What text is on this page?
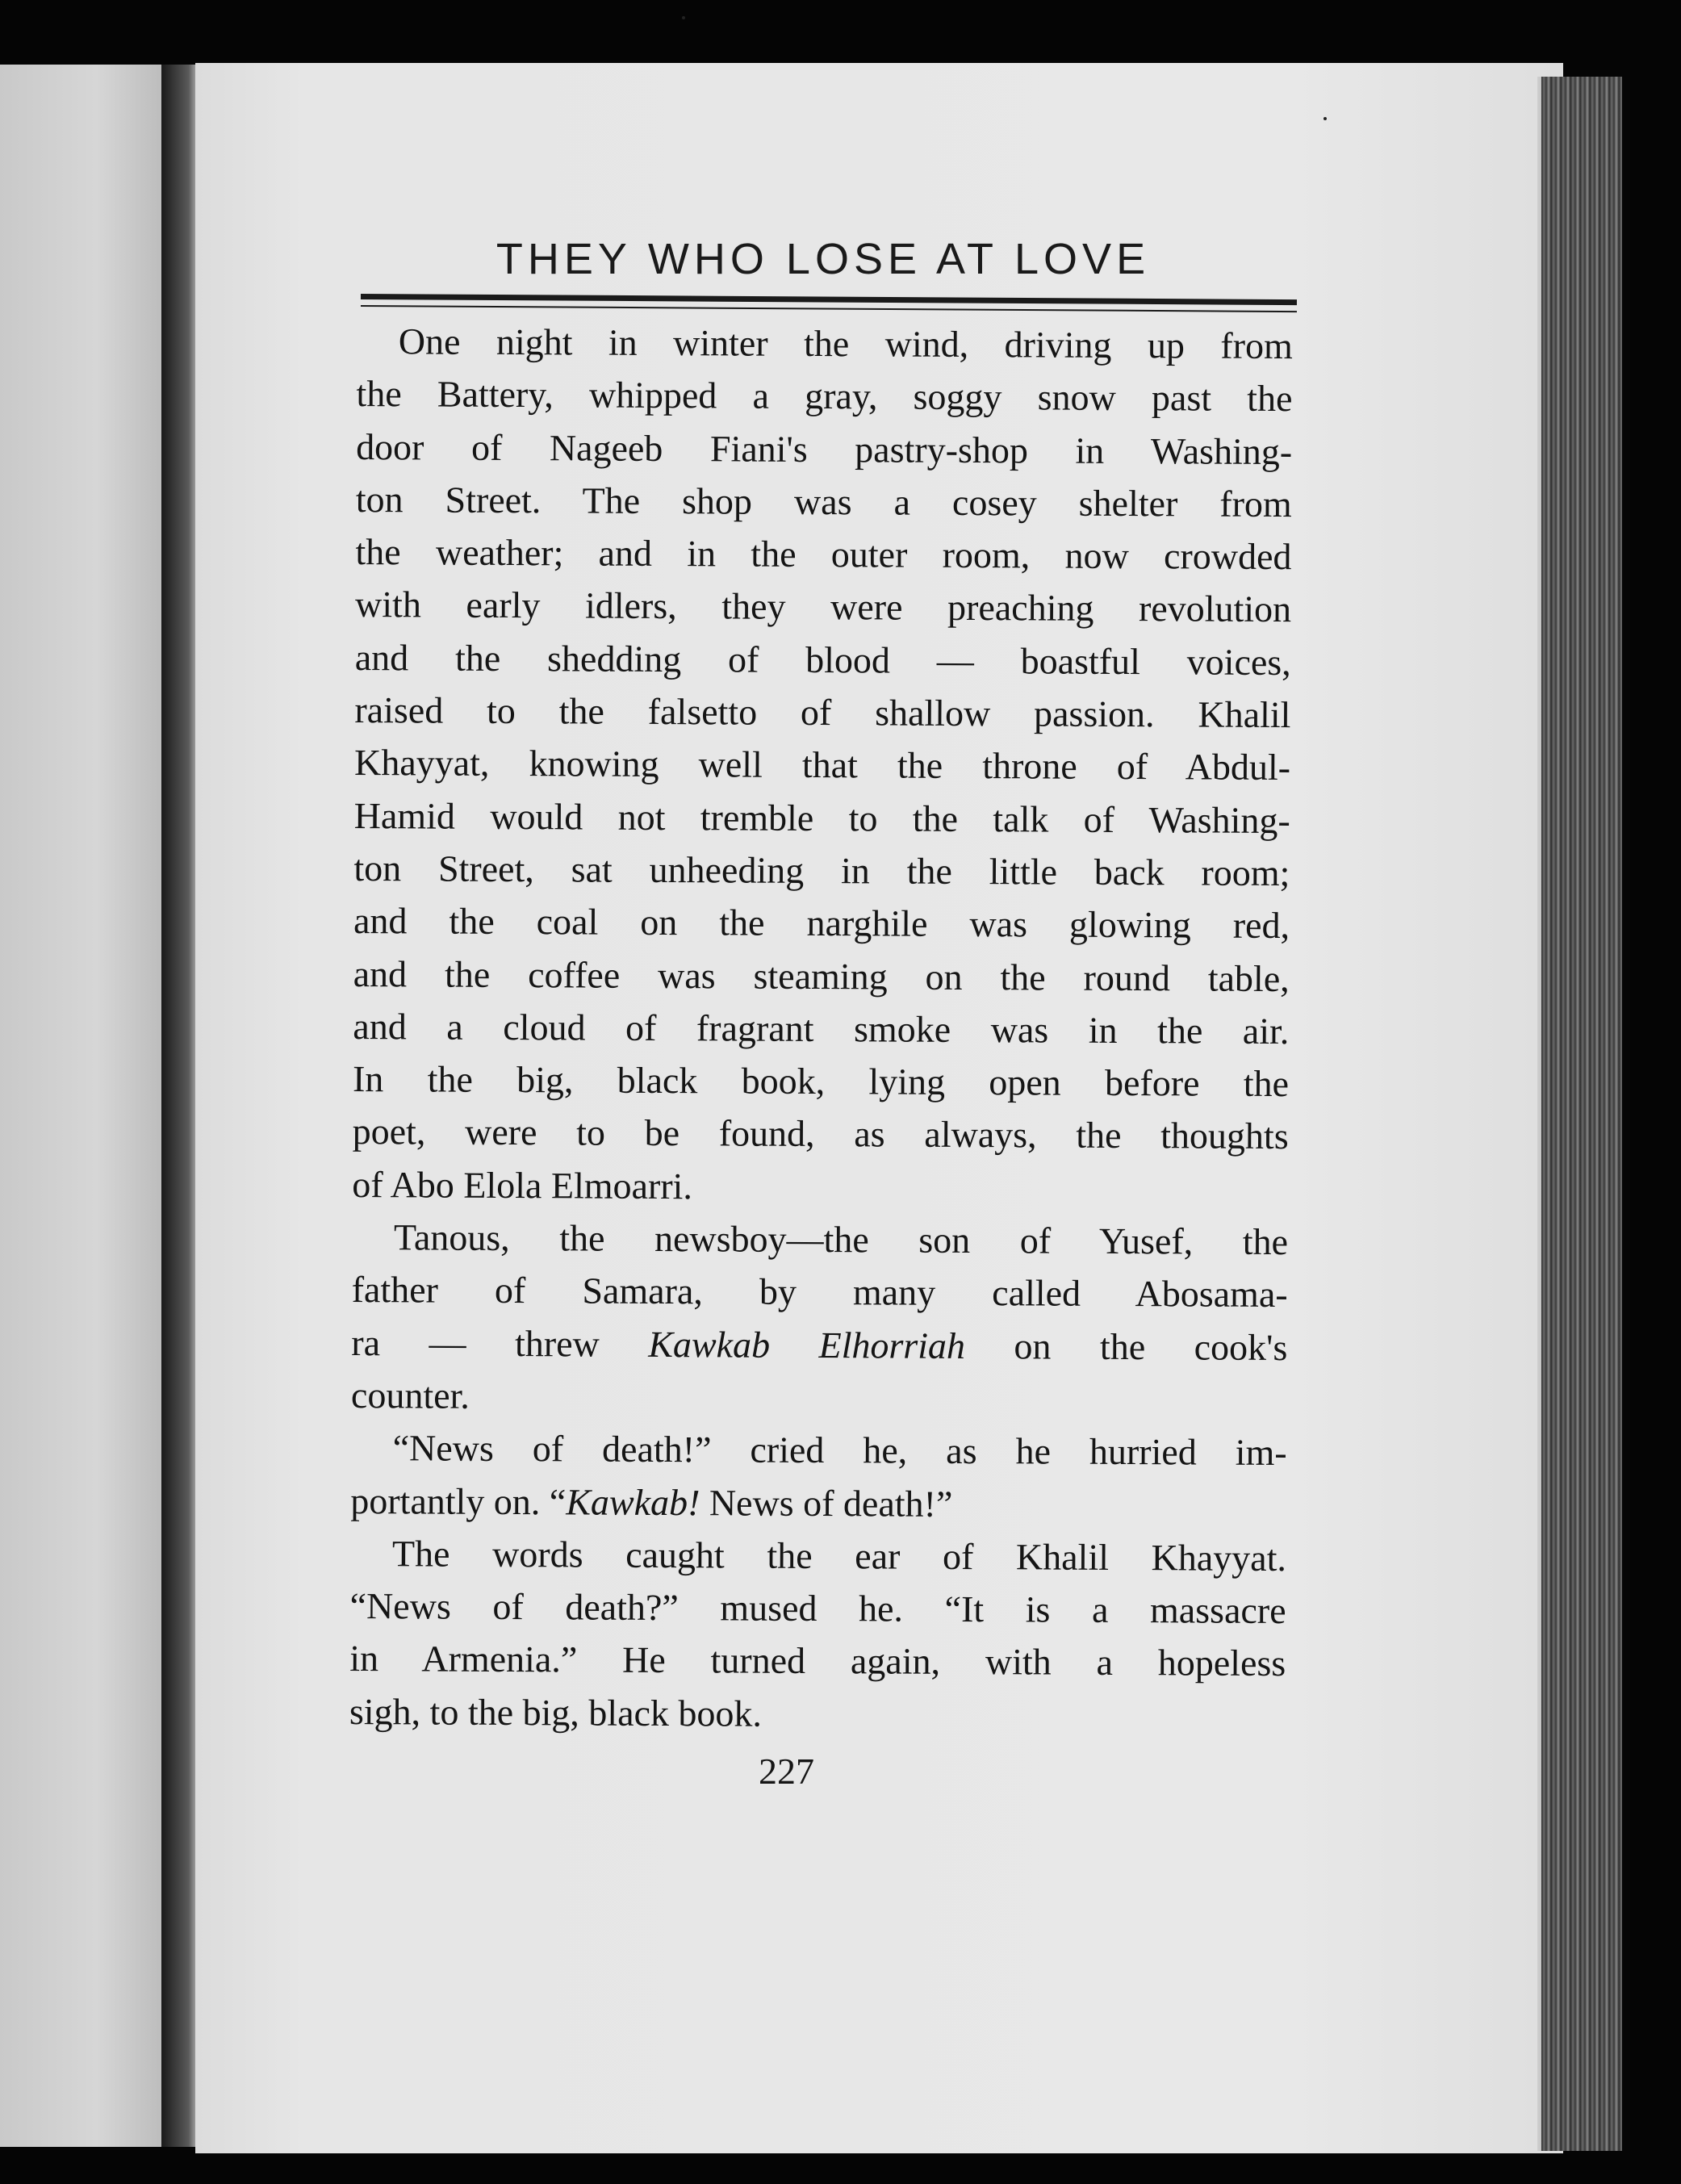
THEY WHO LOSE AT LOVE
One night in winter the wind, driving up from
the Battery, whipped a gray, soggy snow past the
door of Nageeb Fiani's pastry-shop in Washing-
ton Street. The shop was a cosey shelter from
the weather; and in the outer room, now crowded
with early idlers, they were preaching revolution
and the shedding of blood — boastful voices,
raised to the falsetto of shallow passion. Khalil
Khayyat, knowing well that the throne of Abdul-
Hamid would not tremble to the talk of Washing-
ton Street, sat unheeding in the little back room;
and the coal on the narghile was glowing red,
and the coffee was steaming on the round table,
and a cloud of fragrant smoke was in the air.
In the big, black book, lying open before the
poet, were to be found, as always, the thoughts
of Abo Elola Elmoarri.
Tanous, the newsboy—the son of Yusef, the
father of Samara, by many called Abosama-
ra — threw Kawkab Elhorriah on the cook's
counter.
“News of death!” cried he, as he hurried im-
portantly on. “Kawkab! News of death!”
The words caught the ear of Khalil Khayyat.
“News of death?” mused he. “It is a massacre
in Armenia.” He turned again, with a hopeless
sigh, to the big, black book.
227
